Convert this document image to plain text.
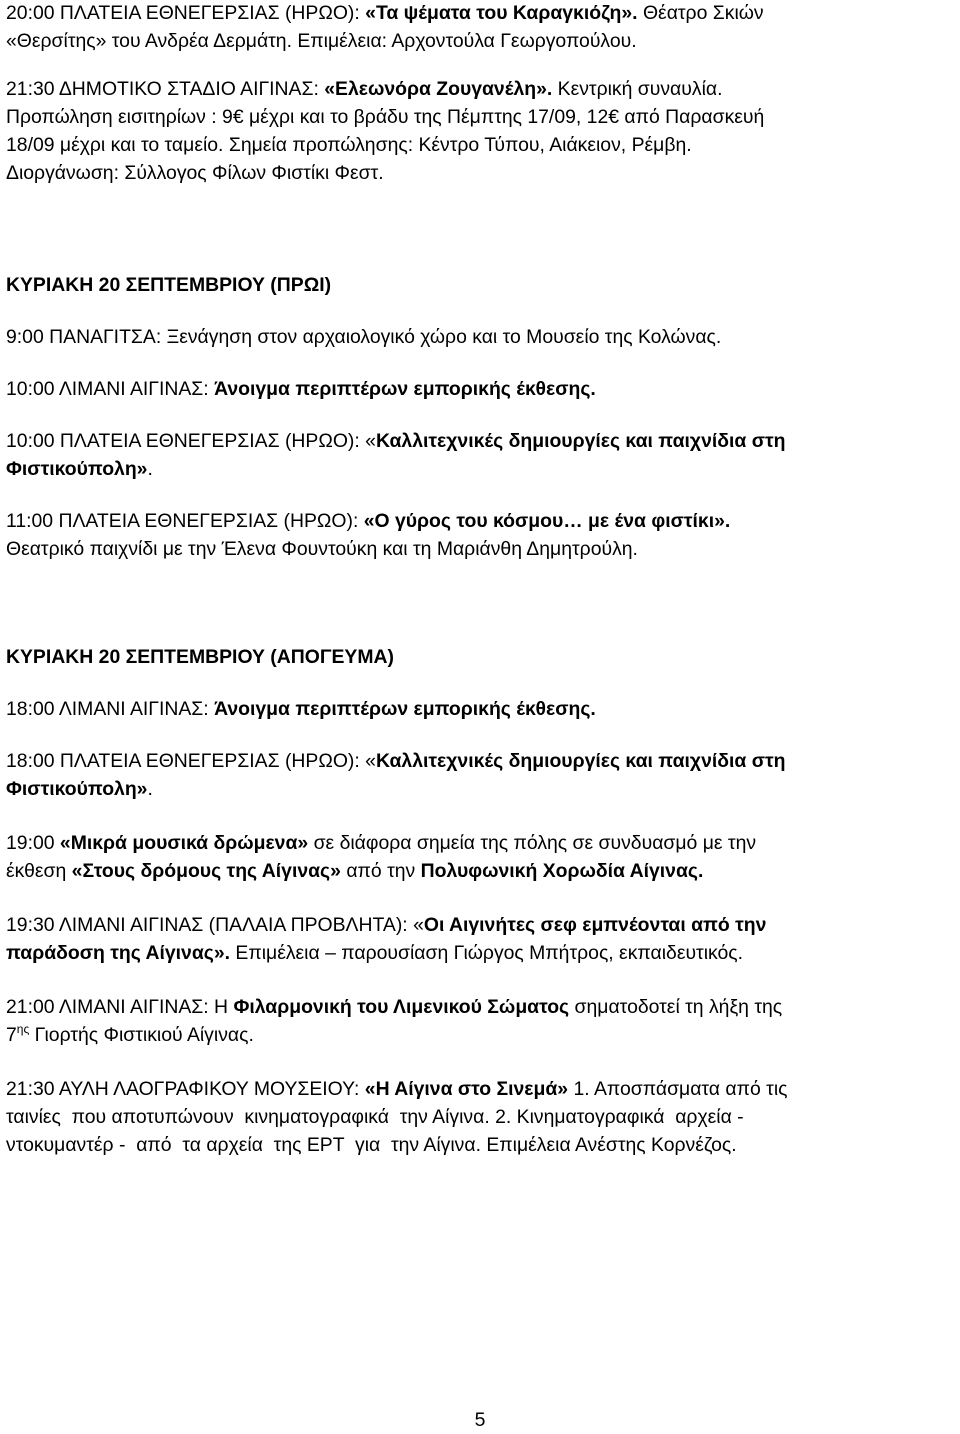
20:00 ΠΛΑΤΕΙΑ ΕΘΝΕΓΕΡΣΙΑΣ (ΗΡΩΟ): «Τα ψέματα του Καραγκιόζη». Θέατρο Σκιών
«Θερσίτης» του Ανδρέα Δερμάτη. Επιμέλεια: Αρχοντούλα Γεωργοπούλου.
21:30 ΔΗΜΟΤΙΚΟ ΣΤΑΔΙΟ ΑΙΓΙΝΑΣ: «Ελεωνόρα Ζουγανέλη». Κεντρική συναυλία.
Προπώληση εισιτηρίων : 9€ μέχρι και το βράδυ της Πέμπτης 17/09, 12€ από Παρασκευή
18/09 μέχρι και το ταμείο. Σημεία προπώλησης: Κέντρο Τύπου, Αιάκειον, Ρέμβη.
Διοργάνωση: Σύλλογος Φίλων Φιστίκι Φεστ.
ΚΥΡΙΑΚΗ 20 ΣΕΠΤΕΜΒΡΙΟΥ (ΠΡΩΙ)
9:00 ΠΑΝΑΓΙΤΣΑ: Ξενάγηση στον αρχαιολογικό χώρο και το Μουσείο της Κολώνας.
10:00 ΛΙΜΑΝΙ ΑΙΓΙΝΑΣ: Άνοιγμα περιπτέρων εμπορικής έκθεσης.
10:00 ΠΛΑΤΕΙΑ ΕΘΝΕΓΕΡΣΙΑΣ (ΗΡΩΟ): «Καλλιτεχνικές δημιουργίες και παιχνίδια στη
Φιστικούπολη».
11:00 ΠΛΑΤΕΙΑ ΕΘΝΕΓΕΡΣΙΑΣ (ΗΡΩΟ): «Ο γύρος του κόσμου… με ένα φιστίκι».
Θεατρικό παιχνίδι με την Έλενα Φουντούκη και τη Μαριάνθη Δημητρούλη.
ΚΥΡΙΑΚΗ 20 ΣΕΠΤΕΜΒΡΙΟΥ (ΑΠΟΓΕΥΜΑ)
18:00 ΛΙΜΑΝΙ ΑΙΓΙΝΑΣ: Άνοιγμα περιπτέρων εμπορικής έκθεσης.
18:00 ΠΛΑΤΕΙΑ ΕΘΝΕΓΕΡΣΙΑΣ (ΗΡΩΟ): «Καλλιτεχνικές δημιουργίες και παιχνίδια στη
Φιστικούπολη».
19:00 «Μικρά μουσικά δρώμενα» σε διάφορα σημεία της πόλης σε συνδυασμό με την
έκθεση «Στους δρόμους της Αίγινας» από την Πολυφωνική Χορωδία Αίγινας.
19:30 ΛΙΜΑΝΙ ΑΙΓΙΝΑΣ (ΠΑΛΑΙΑ ΠΡΟΒΛΗΤΑ): «Οι Αιγινήτες σεφ εμπνέονται από την
παράδοση της Αίγινας». Επιμέλεια – παρουσίαση Γιώργος Μπήτρος, εκπαιδευτικός.
21:00 ΛΙΜΑΝΙ ΑΙΓΙΝΑΣ: Η Φιλαρμονική του Λιμενικού Σώματος σηματοδοτεί τη λήξη της
$7^{\eta\varsigma}$ Γιορτής Φιστικιού Αίγινας.
21:30 ΑΥΛΗ ΛΑΟΓΡΑΦΙΚΟΥ ΜΟΥΣΕΙΟΥ: «Η Αίγινα στο Σινεμά» 1. Αποσπάσματα από τις
ταινίες  που αποτυπώνουν  κινηματογραφικά  την Αίγινα. 2. Κινηματογραφικά  αρχεία -
ντοκυμαντέρ -  από  τα αρχεία  της ΕΡΤ  για  την Αίγινα. Επιμέλεια Ανέστης Κορνέζος.
5
